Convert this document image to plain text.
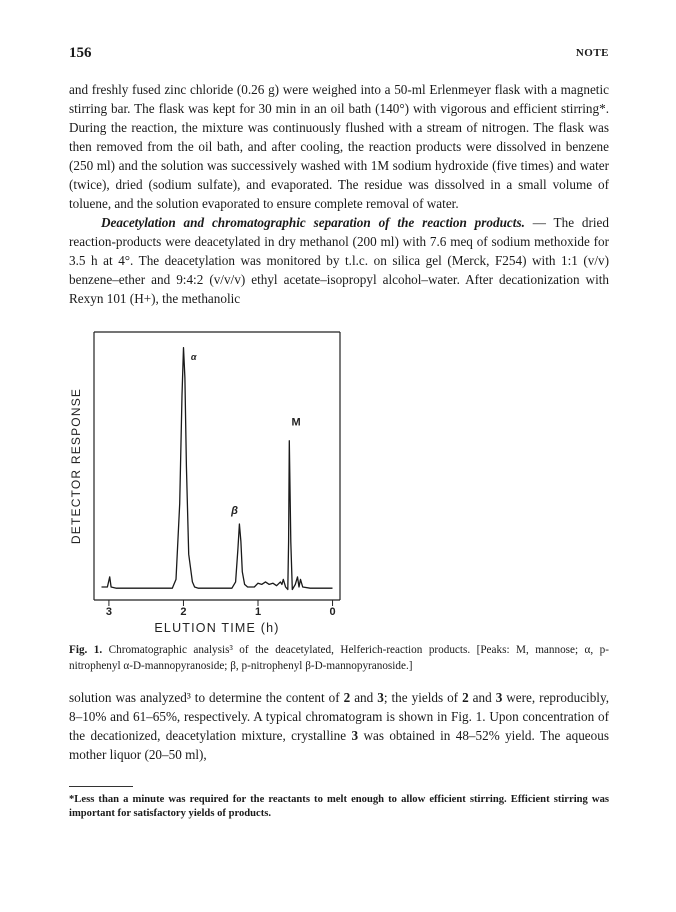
156	NOTE

and freshly fused zinc chloride (0.26 g) were weighed into a 50-ml Erlenmeyer flask with a magnetic stirring bar. The flask was kept for 30 min in an oil bath (140°) with vigorous and efficient stirring*. During the reaction, the mixture was continuously flushed with a stream of nitrogen. The flask was then removed from the oil bath, and after cooling, the reaction products were dissolved in benzene (250 ml) and the solution was successively washed with 1M sodium hydroxide (five times) and water (twice), dried (sodium sulfate), and evaporated. The residue was dissolved in a small volume of toluene, and the solution evaporated to ensure complete removal of water.

Deacetylation and chromatographic separation of the reaction products. — The dried reaction-products were deacetylated in dry methanol (200 ml) with 7.6 meq of sodium methoxide for 3.5 h at 4°. The deacetylation was monitored by t.l.c. on silica gel (Merck, F254) with 1:1 (v/v) benzene–ether and 9:4:2 (v/v/v) ethyl acetate–isopropyl alcohol–water. After decationization with Rexyn 101 (H+), the methanolic

3	2	1	0
α
β
M
DETECTOR RESPONSE
ELUTION TIME (h)
Fig. 1. Chromatographic analysis³ of the deacetylated, Helferich-reaction products. [Peaks: M, mannose; α, p-nitrophenyl α-D-mannopyranoside; β, p-nitrophenyl β-D-mannopyranoside.]

solution was analyzed³ to determine the content of 2 and 3; the yields of 2 and 3 were, reproducibly, 8–10% and 61–65%, respectively. A typical chromatogram is shown in Fig. 1. Upon concentration of the decationized, deacetylation mixture, crystalline 3 was obtained in 48–52% yield. The aqueous mother liquor (20–50 ml),

*Less than a minute was required for the reactants to melt enough to allow efficient stirring. Efficient stirring was important for satisfactory yields of products.
